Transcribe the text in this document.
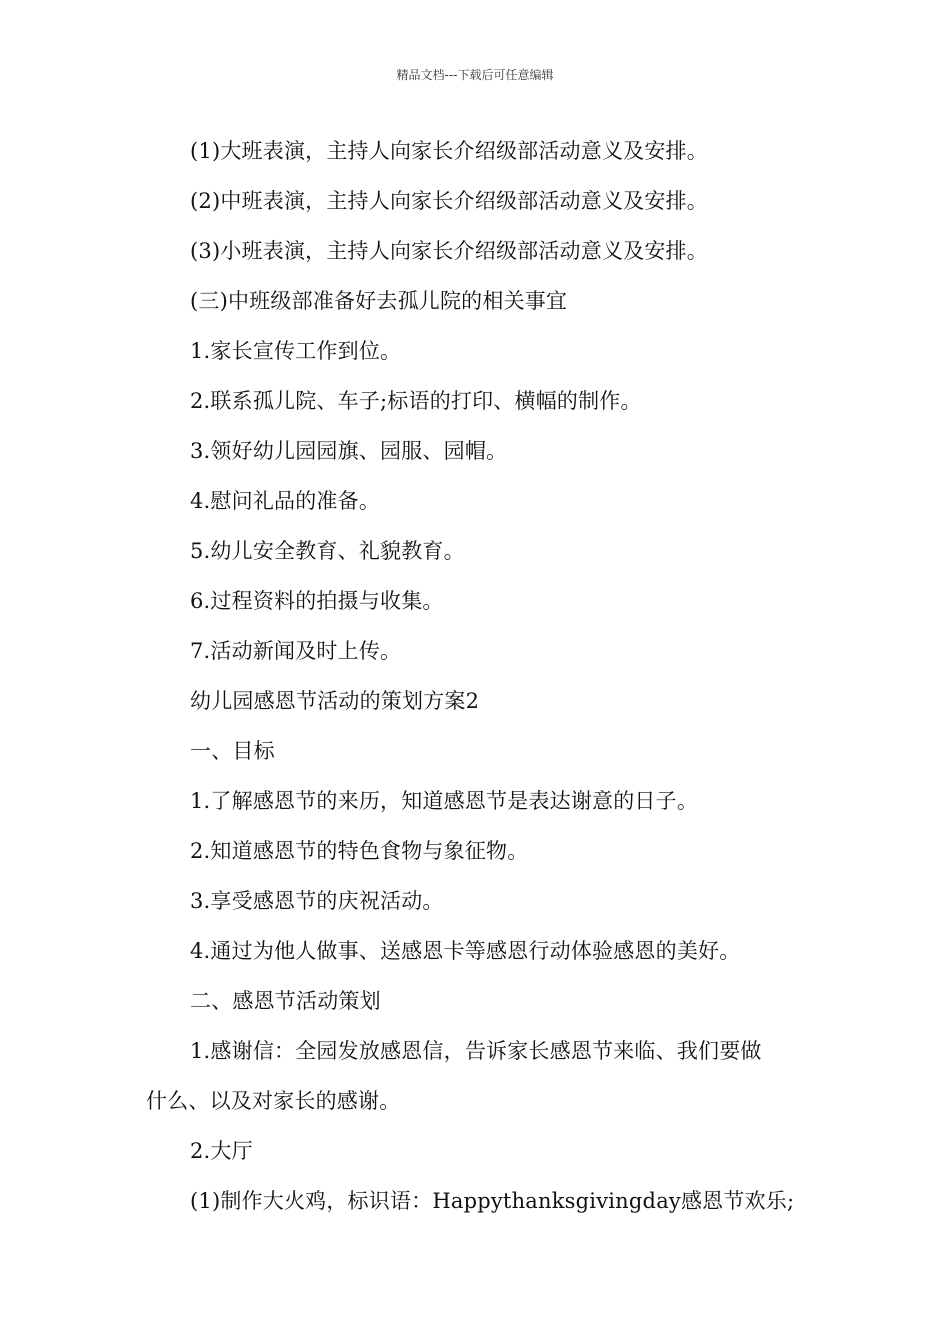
精品文档---下载后可任意编辑
(1)大班表演，主持人向家长介绍级部活动意义及安排。
(2)中班表演，主持人向家长介绍级部活动意义及安排。
(3)小班表演，主持人向家长介绍级部活动意义及安排。
(三)中班级部准备好去孤儿院的相关事宜
1.家长宣传工作到位。
2.联系孤儿院、车子;标语的打印、横幅的制作。
3.领好幼儿园园旗、园服、园帽。
4.慰问礼品的准备。
5.幼儿安全教育、礼貌教育。
6.过程资料的拍摄与收集。
7.活动新闻及时上传。
幼儿园感恩节活动的策划方案2
一、目标
1.了解感恩节的来历，知道感恩节是表达谢意的日子。
2.知道感恩节的特色食物与象征物。
3.享受感恩节的庆祝活动。
4.通过为他人做事、送感恩卡等感恩行动体验感恩的美好。
二、感恩节活动策划
1.感谢信：全园发放感恩信，告诉家长感恩节来临、我们要做
什么、以及对家长的感谢。
2.大厅
(1)制作大火鸡，标识语：Happythanksgivingday感恩节欢乐;
